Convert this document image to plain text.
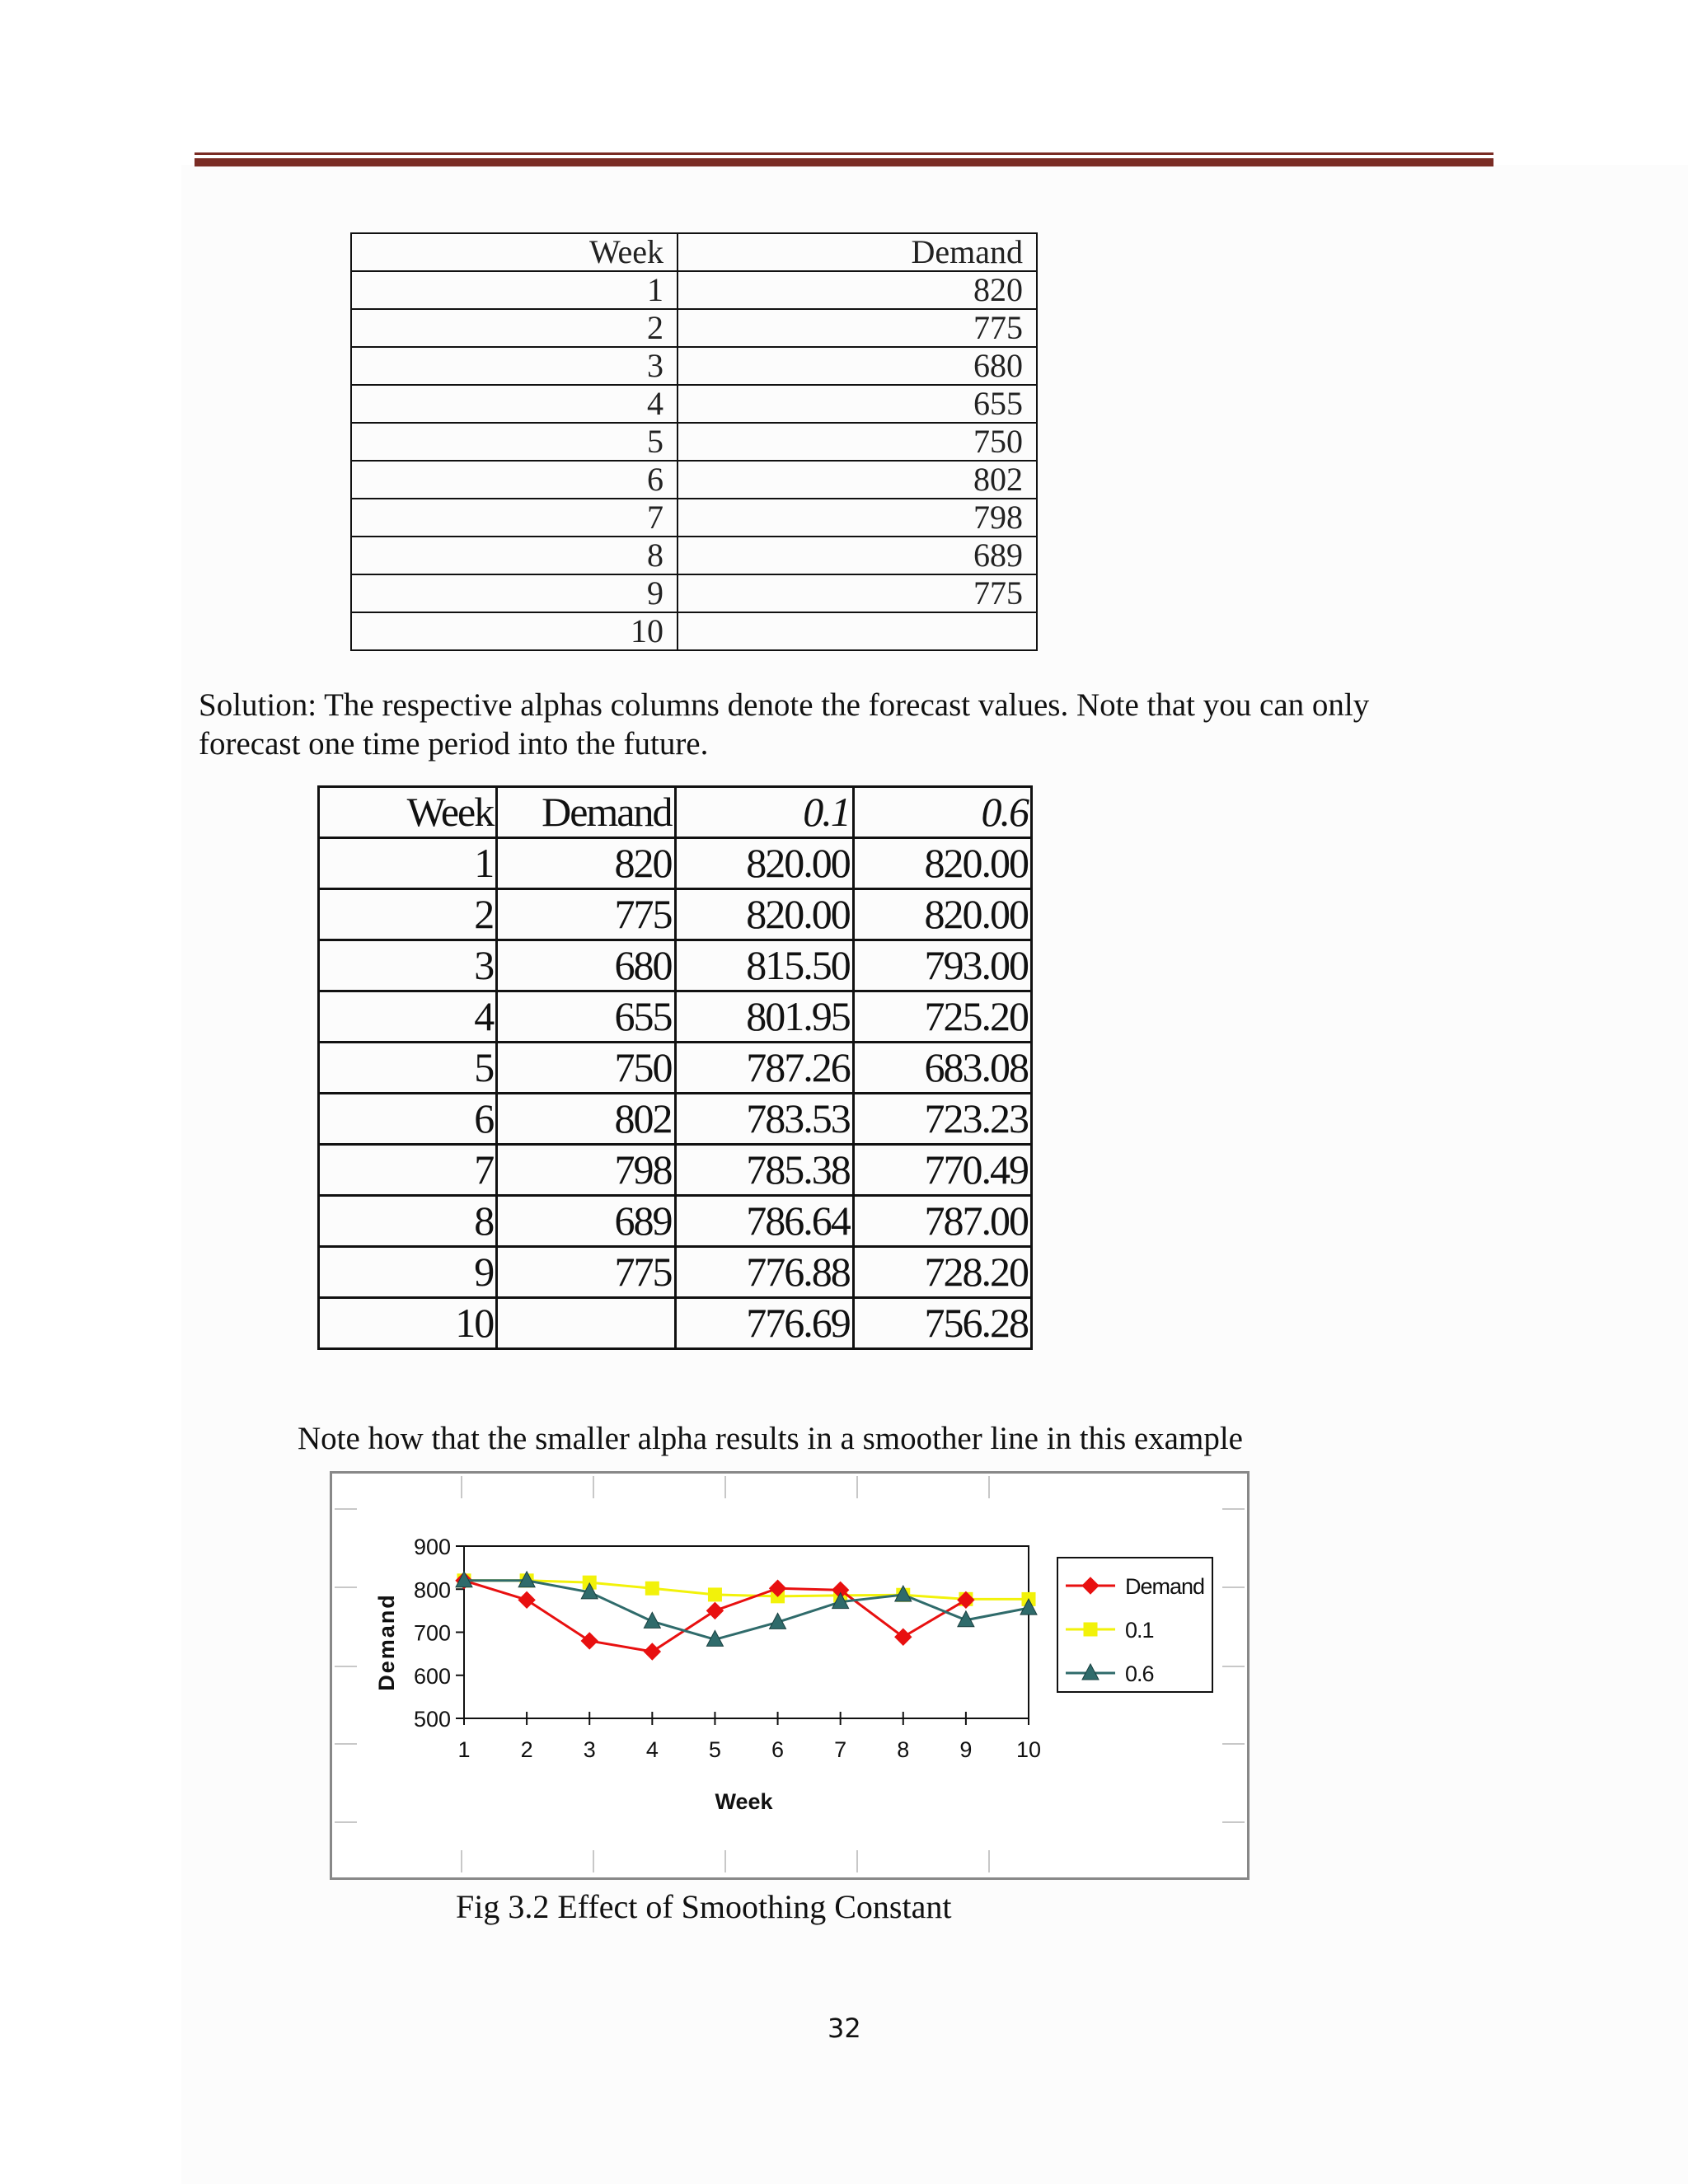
Week	Demand
1	820
2	775
3	680
4	655
5	750
6	802
7	798
8	689
9	775
10	
Solution: The respective alphas columns denote the forecast values. Note that you can only
forecast one time period into the future.
Week	Demand	0.1	0.6
1	820	820.00	820.00
2	775	820.00	820.00
3	680	815.50	793.00
4	655	801.95	725.20
5	750	787.26	683.08
6	802	783.53	723.23
7	798	785.38	770.49
8	689	786.64	787.00
9	775	776.88	728.20
10		776.69	756.28
Note how that the smaller alpha results in a smoother line in this example
500
600
700
800
900
1 2 3 4 5 6 7 8 9 10
Week
Demand
Demand
0.1
0.6
Fig 3.2 Effect of Smoothing Constant
32
